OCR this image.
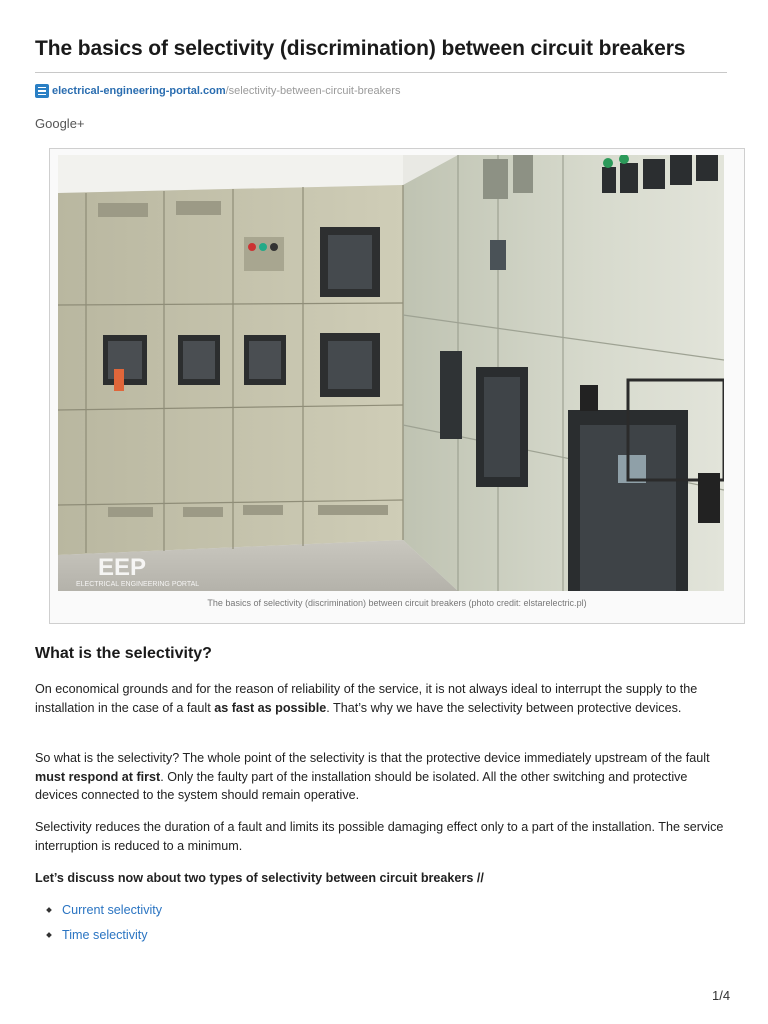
The basics of selectivity (discrimination) between circuit breakers
electrical-engineering-portal.com /selectivity-between-circuit-breakers
Google+
EEP
ELECTRICAL ENGINEERING PORTAL
The basics of selectivity (discrimination) between circuit breakers (photo credit: elstarelectric.pl)
What is the selectivity?

On economical grounds and for the reason of reliability of the service, it is not always ideal to interrupt the supply to the installation in the case of a fault as fast as possible. That’s why we have the selectivity between protective devices.

So what is the selectivity? The whole point of the selectivity is that the protective device immediately upstream of the fault must respond at first. Only the faulty part of the installation should be isolated. All the other switching and protective devices connected to the system should remain operative.

Selectivity reduces the duration of a fault and limits its possible damaging effect only to a part of the installation. The service interruption is reduced to a minimum.

Let’s discuss now about two types of selectivity between circuit breakers //

Current selectivity
Time selectivity
1/4
